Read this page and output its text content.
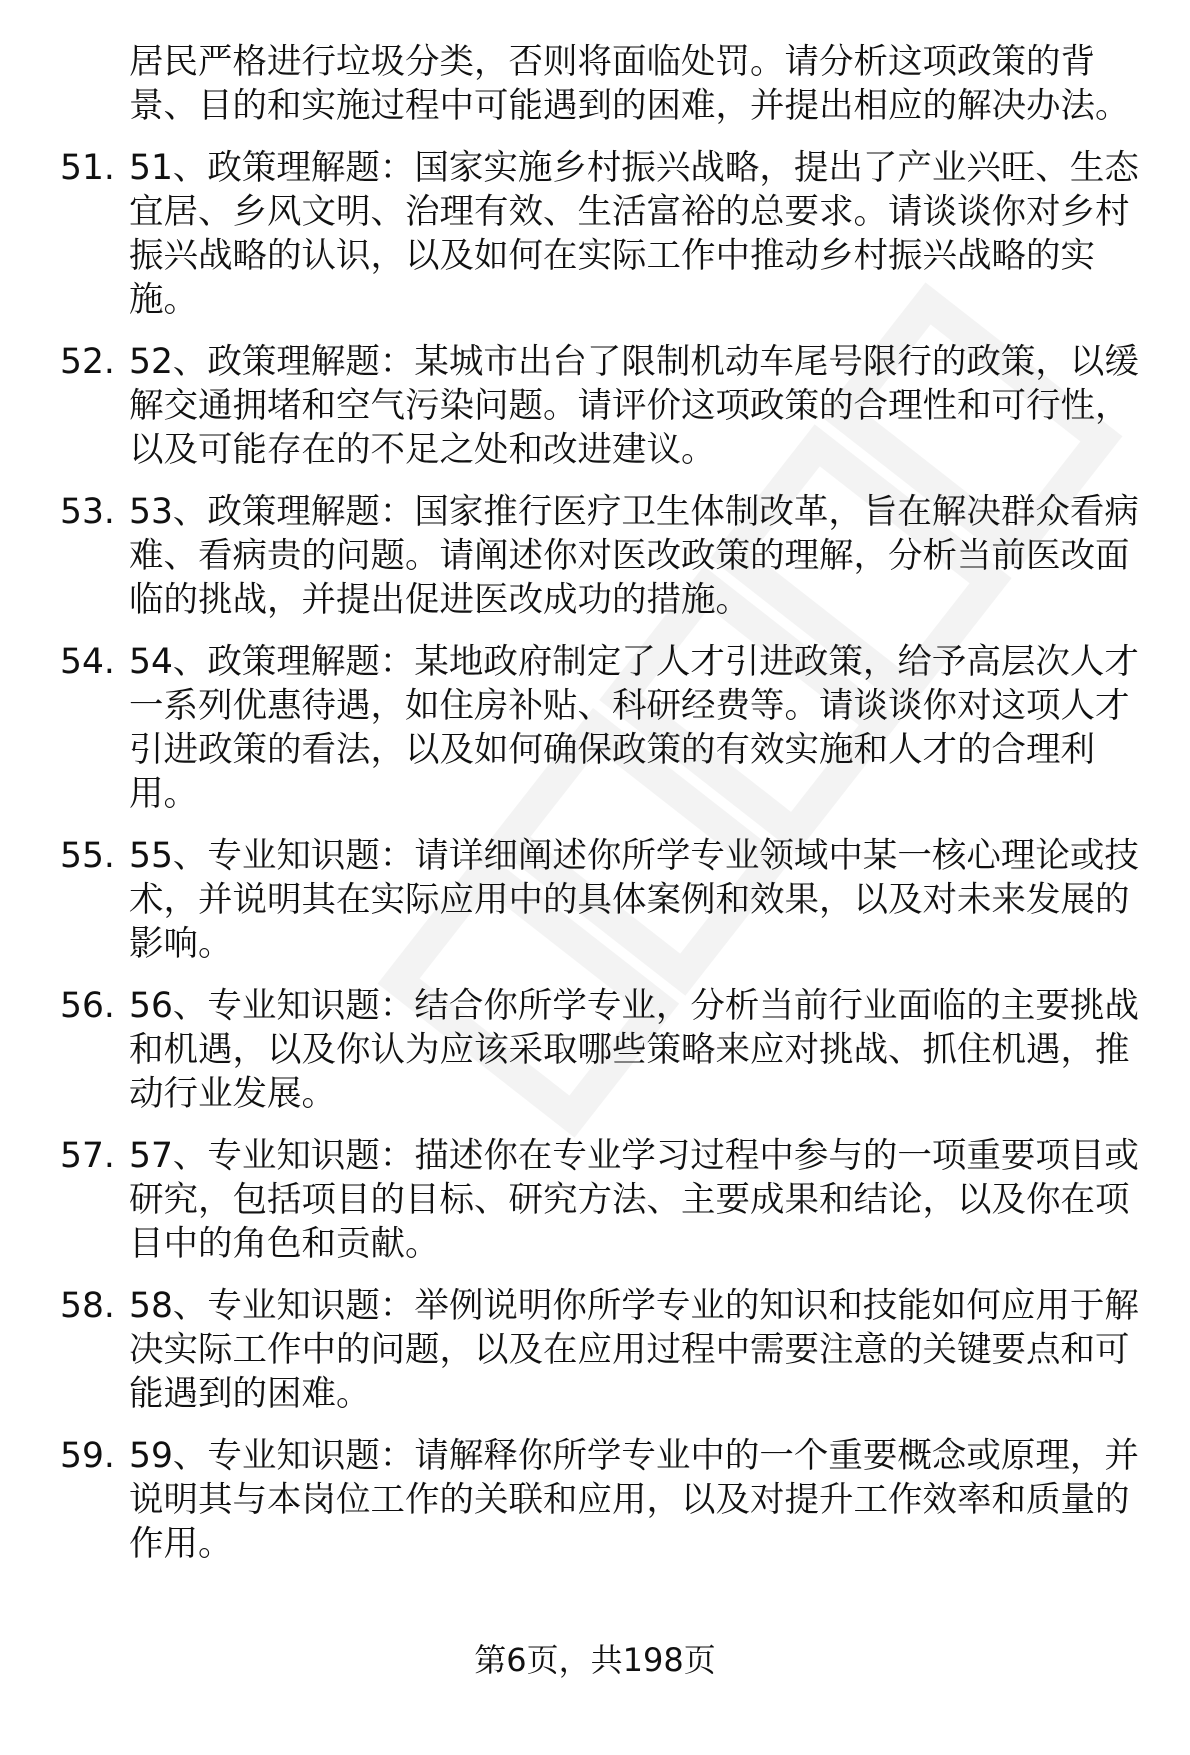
居民严格进行垃圾分类，否则将面临处罚。请分析这项政策的背景、目的和实施过程中可能遇到的困难，并提出相应的解决办法。
51. 51、政策理解题：国家实施乡村振兴战略，提出了产业兴旺、生态宜居、乡风文明、治理有效、生活富裕的总要求。请谈谈你对乡村振兴战略的认识，以及如何在实际工作中推动乡村振兴战略的实施。
52. 52、政策理解题：某城市出台了限制机动车尾号限行的政策，以缓解交通拥堵和空气污染问题。请评价这项政策的合理性和可行性，以及可能存在的不足之处和改进建议。
53. 53、政策理解题：国家推行医疗卫生体制改革，旨在解决群众看病难、看病贵的问题。请阐述你对医改政策的理解，分析当前医改面临的挑战，并提出促进医改成功的措施。
54. 54、政策理解题：某地政府制定了人才引进政策，给予高层次人才一系列优惠待遇，如住房补贴、科研经费等。请谈谈你对这项人才引进政策的看法，以及如何确保政策的有效实施和人才的合理利用。
55. 55、专业知识题：请详细阐述你所学专业领域中某一核心理论或技术，并说明其在实际应用中的具体案例和效果，以及对未来发展的影响。
56. 56、专业知识题：结合你所学专业，分析当前行业面临的主要挑战和机遇，以及你认为应该采取哪些策略来应对挑战、抓住机遇，推动行业发展。
57. 57、专业知识题：描述你在专业学习过程中参与的一项重要项目或研究，包括项目的目标、研究方法、主要成果和结论，以及你在项目中的角色和贡献。
58. 58、专业知识题：举例说明你所学专业的知识和技能如何应用于解决实际工作中的问题，以及在应用过程中需要注意的关键要点和可能遇到的困难。
59. 59、专业知识题：请解释你所学专业中的一个重要概念或原理，并说明其与本岗位工作的关联和应用，以及对提升工作效率和质量的作用。
第6页，共198页
